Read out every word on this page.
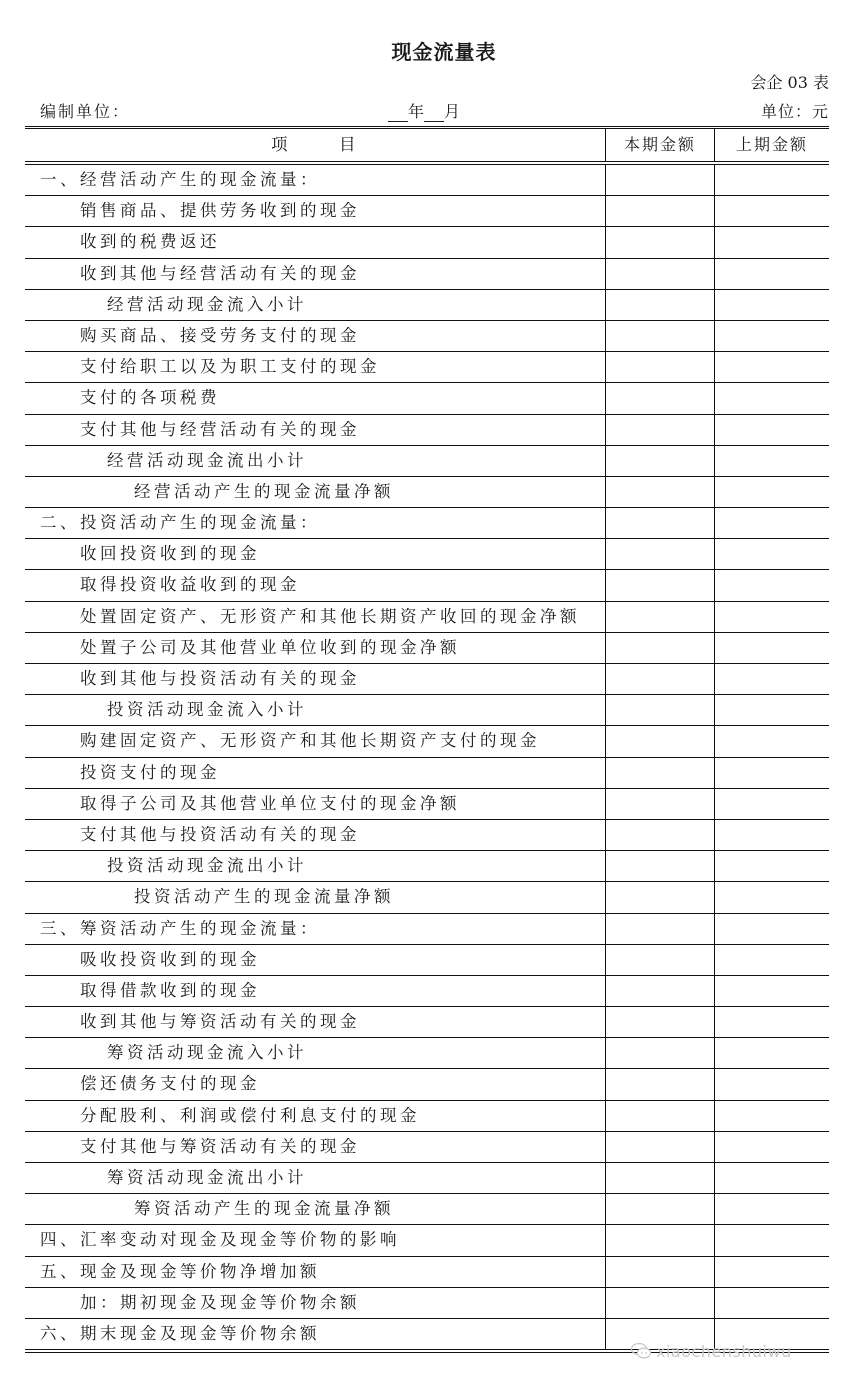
现金流量表
会企 03 表
编制单位：	年 月	单位：元
项	目	本期金额	上期金额
一、经营活动产生的现金流量：
销售商品、提供劳务收到的现金
收到的税费返还
收到其他与经营活动有关的现金
经营活动现金流入小计
购买商品、接受劳务支付的现金
支付给职工以及为职工支付的现金
支付的各项税费
支付其他与经营活动有关的现金
经营活动现金流出小计
经营活动产生的现金流量净额
二、投资活动产生的现金流量：
收回投资收到的现金
取得投资收益收到的现金
处置固定资产、无形资产和其他长期资产收回的现金净额
处置子公司及其他营业单位收到的现金净额
收到其他与投资活动有关的现金
投资活动现金流入小计
购建固定资产、无形资产和其他长期资产支付的现金
投资支付的现金
取得子公司及其他营业单位支付的现金净额
支付其他与投资活动有关的现金
投资活动现金流出小计
投资活动产生的现金流量净额
三、筹资活动产生的现金流量：
吸收投资收到的现金
取得借款收到的现金
收到其他与筹资活动有关的现金
筹资活动现金流入小计
偿还债务支付的现金
分配股利、利润或偿付利息支付的现金
支付其他与筹资活动有关的现金
筹资活动现金流出小计
筹资活动产生的现金流量净额
四、汇率变动对现金及现金等价物的影响
五、现金及现金等价物净增加额
加：期初现金及现金等价物余额
六、期末现金及现金等价物余额
xiaochenshuiwu
